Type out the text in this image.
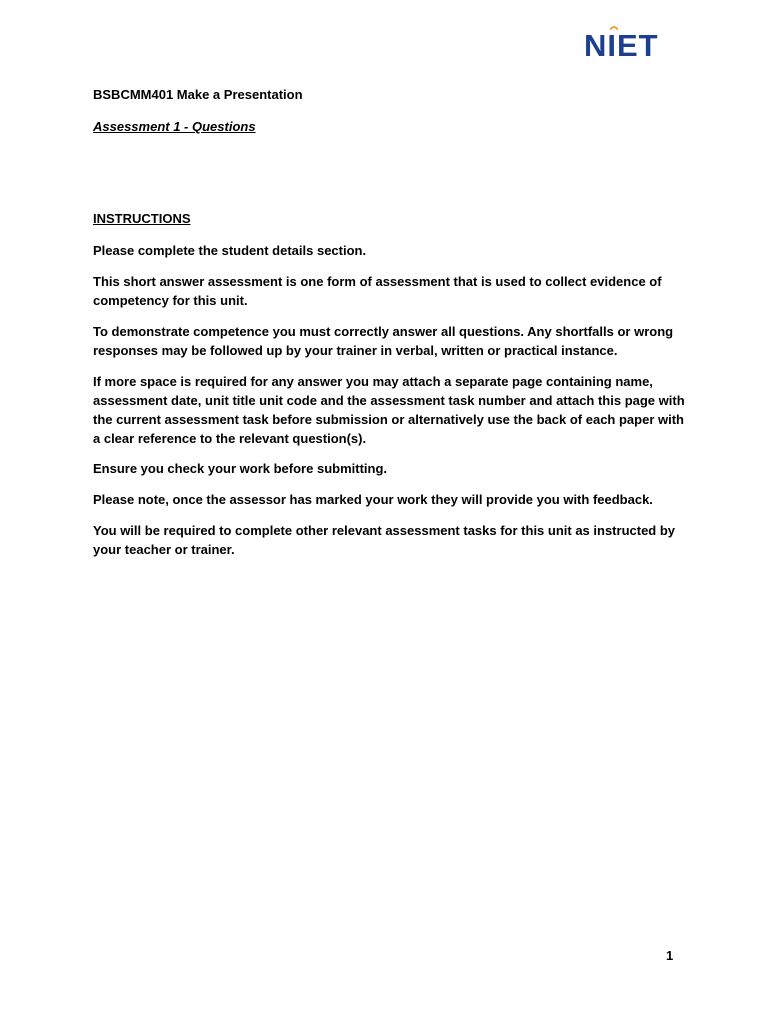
NIET
BSBCMM401 Make a Presentation
Assessment 1 - Questions
INSTRUCTIONS

Please complete the student details section.

This short answer assessment is one form of assessment that is used to collect evidence of competency for this unit.

To demonstrate competence you must correctly answer all questions. Any shortfalls or wrong responses may be followed up by your trainer in verbal, written or practical instance.

If more space is required for any answer you may attach a separate page containing name, assessment date, unit title unit code and the assessment task number and attach this page with the current assessment task before submission or alternatively use the back of each paper with a clear reference to the relevant question(s).

Ensure you check your work before submitting.

Please note, once the assessor has marked your work they will provide you with feedback.

You will be required to complete other relevant assessment tasks for this unit as instructed by your teacher or trainer.

1
